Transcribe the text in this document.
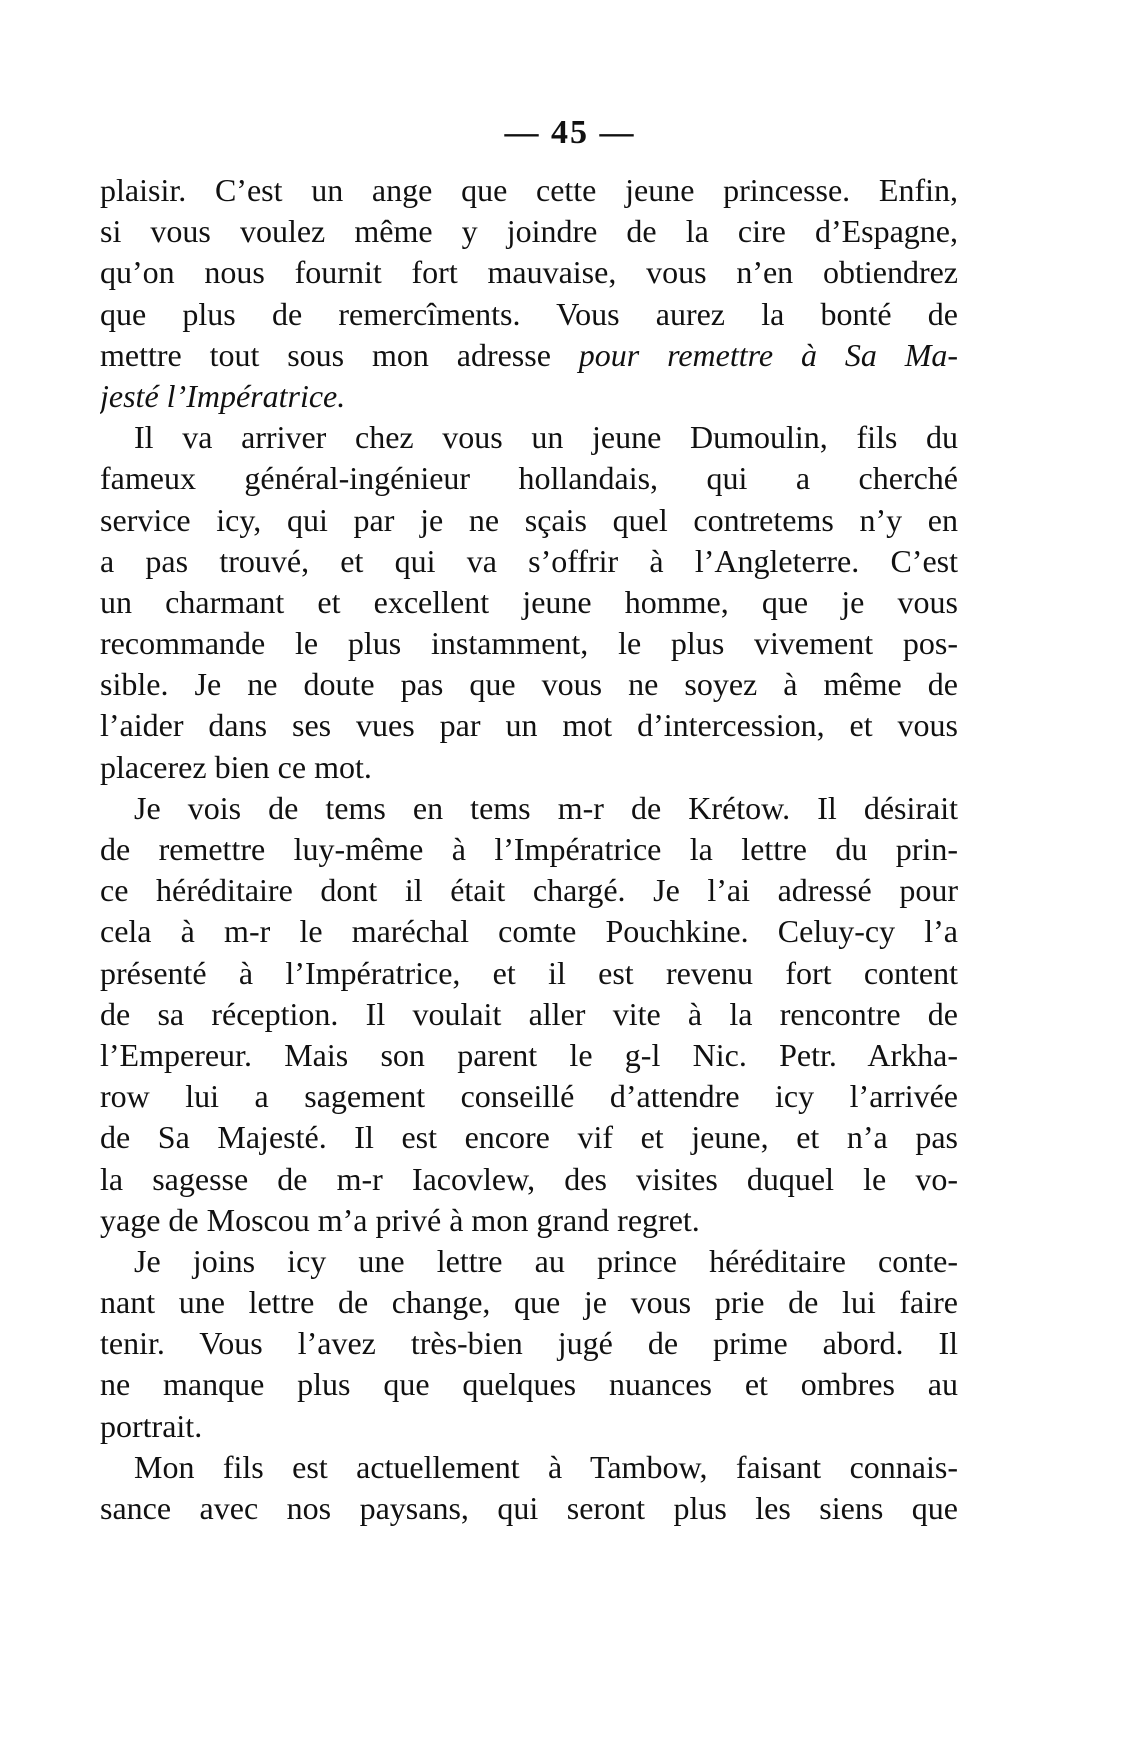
— 45 —
plaisir. C’est un ange que cette jeune princesse. Enfin,
si vous voulez même y joindre de la cire d’Espagne,
qu’on nous fournit fort mauvaise, vous n’en obtiendrez
que plus de remercîments. Vous aurez la bonté de
mettre tout sous mon adresse pour remettre à Sa Ma-
jesté l’Impératrice.
Il va arriver chez vous un jeune Dumoulin, fils du
fameux général-ingénieur hollandais, qui a cherché
service icy, qui par je ne sçais quel contretems n’y en
a pas trouvé, et qui va s’offrir à l’Angleterre. C’est
un charmant et excellent jeune homme, que je vous
recommande le plus instamment, le plus vivement pos-
sible. Je ne doute pas que vous ne soyez à même de
l’aider dans ses vues par un mot d’intercession, et vous
placerez bien ce mot.
Je vois de tems en tems m-r de Krétow. Il désirait
de remettre luy-même à l’Impératrice la lettre du prin-
ce héréditaire dont il était chargé. Je l’ai adressé pour
cela à m-r le maréchal comte Pouchkine. Celuy-cy l’a
présenté à l’Impératrice, et il est revenu fort content
de sa réception. Il voulait aller vite à la rencontre de
l’Empereur. Mais son parent le g-l Nic. Petr. Arkha-
row lui a sagement conseillé d’attendre icy l’arrivée
de Sa Majesté. Il est encore vif et jeune, et n’a pas
la sagesse de m-r Iacovlew, des visites duquel le vo-
yage de Moscou m’a privé à mon grand regret.
Je joins icy une lettre au prince héréditaire conte-
nant une lettre de change, que je vous prie de lui faire
tenir. Vous l’avez très-bien jugé de prime abord. Il
ne manque plus que quelques nuances et ombres au
portrait.
Mon fils est actuellement à Tambow, faisant connais-
sance avec nos paysans, qui seront plus les siens que
